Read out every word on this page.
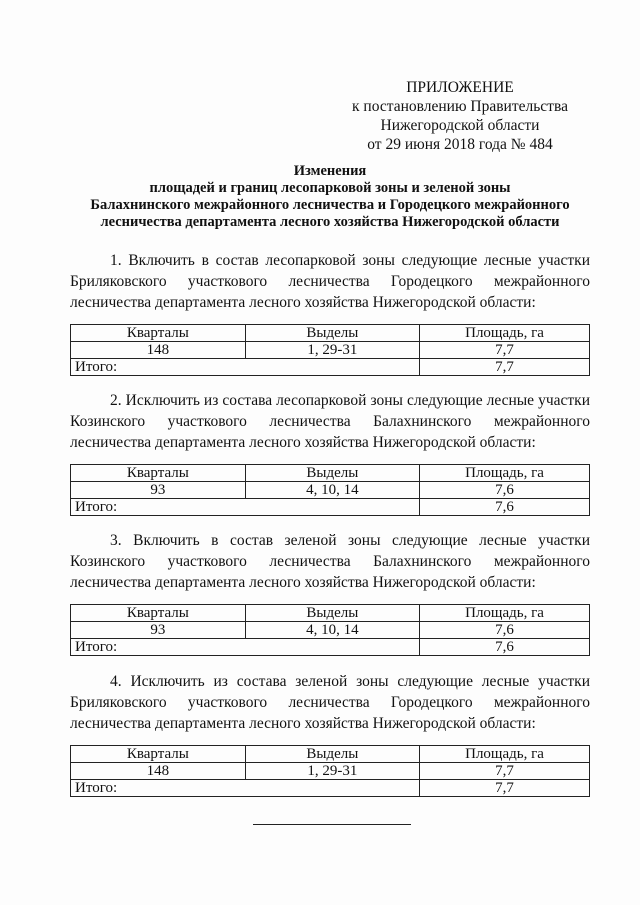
ПРИЛОЖЕНИЕ
к постановлению Правительства
Нижегородской области
от 29 июня 2018 года № 484
Изменения
площадей и границ лесопарковой зоны и зеленой зоны
Балахнинского межрайонного лесничества и Городецкого межрайонного
лесничества департамента лесного хозяйства Нижегородской области

1. Включить в состав лесопарковой зоны следующие лесные участки Бриляковского участкового лесничества Городецкого межрайонного лесничества департамента лесного хозяйства Нижегородской области:

Кварталы	Выделы	Площадь, га
148	1, 29-31	7,7
Итого:		7,7

2. Исключить из состава лесопарковой зоны следующие лесные участки Козинского участкового лесничества Балахнинского межрайонного лесничества департамента лесного хозяйства Нижегородской области:

Кварталы	Выделы	Площадь, га
93	4, 10, 14	7,6
Итого:		7,6

3. Включить в состав зеленой зоны следующие лесные участки Козинского участкового лесничества Балахнинского межрайонного лесничества департамента лесного хозяйства Нижегородской области:

Кварталы	Выделы	Площадь, га
93	4, 10, 14	7,6
Итого:		7,6

4. Исключить из состава зеленой зоны следующие лесные участки Бриляковского участкового лесничества Городецкого межрайонного лесничества департамента лесного хозяйства Нижегородской области:

Кварталы	Выделы	Площадь, га
148	1, 29-31	7,7
Итого:		7,7
